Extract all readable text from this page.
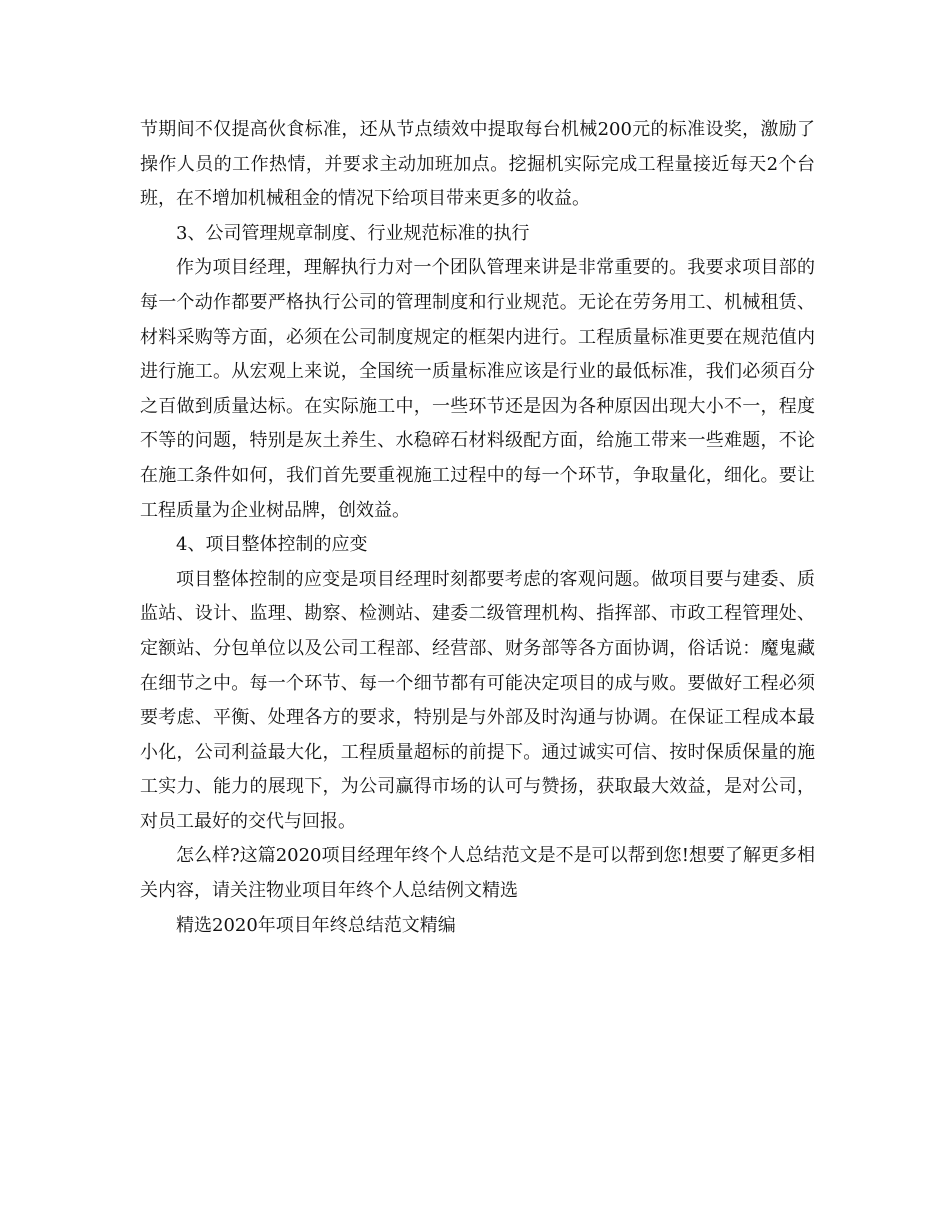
节期间不仅提高伙食标准，还从节点绩效中提取每台机械200元的标准设奖，激励了操作人员的工作热情，并要求主动加班加点。挖掘机实际完成工程量接近每天2个台班，在不增加机械租金的情况下给项目带来更多的收益。

3、公司管理规章制度、行业规范标准的执行

作为项目经理，理解执行力对一个团队管理来讲是非常重要的。我要求项目部的每一个动作都要严格执行公司的管理制度和行业规范。无论在劳务用工、机械租赁、材料采购等方面，必须在公司制度规定的框架内进行。工程质量标准更要在规范值内进行施工。从宏观上来说，全国统一质量标准应该是行业的最低标准，我们必须百分之百做到质量达标。在实际施工中，一些环节还是因为各种原因出现大小不一，程度不等的问题，特别是灰土养生、水稳碎石材料级配方面，给施工带来一些难题，不论在施工条件如何，我们首先要重视施工过程中的每一个环节，争取量化，细化。要让工程质量为企业树品牌，创效益。

4、项目整体控制的应变

项目整体控制的应变是项目经理时刻都要考虑的客观问题。做项目要与建委、质监站、设计、监理、勘察、检测站、建委二级管理机构、指挥部、市政工程管理处、定额站、分包单位以及公司工程部、经营部、财务部等各方面协调，俗话说：魔鬼藏在细节之中。每一个环节、每一个细节都有可能决定项目的成与败。要做好工程必须要考虑、平衡、处理各方的要求，特别是与外部及时沟通与协调。在保证工程成本最小化，公司利益最大化，工程质量超标的前提下。通过诚实可信、按时保质保量的施工实力、能力的展现下，为公司赢得市场的认可与赞扬，获取最大效益，是对公司，对员工最好的交代与回报。

怎么样?这篇2020项目经理年终个人总结范文是不是可以帮到您!想要了解更多相关内容，请关注物业项目年终个人总结例文精选

精选2020年项目年终总结范文精编
